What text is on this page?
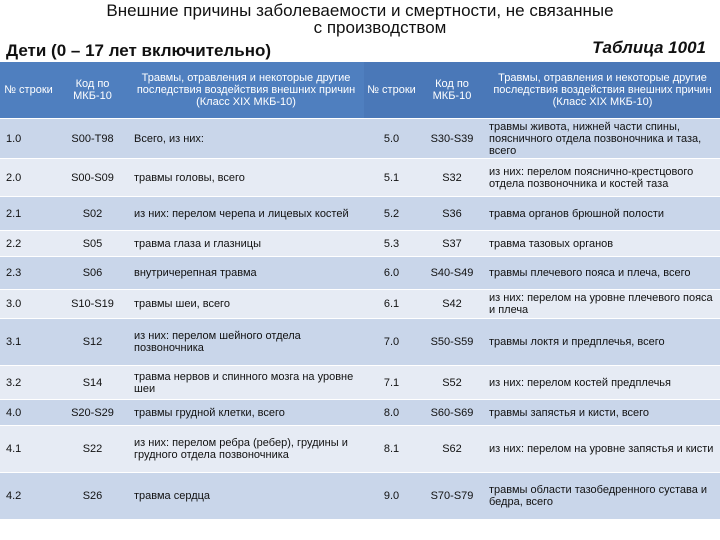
Внешние причины заболеваемости и смертности, не связанные
с производством
Дети (0 – 17 лет включительно)	Таблица 1001
№ строки	Код по МКБ-10	Травмы, отравления и некоторые другие последствия воздействия внешних причин (Класс XIX МКБ-10)	№ строки	Код по МКБ-10	Травмы, отравления и некоторые другие последствия воздействия внешних причин (Класс XIX МКБ-10)
1.0	S00-T98	Всего, из них:	5.0	S30-S39	травмы живота, нижней части спины, поясничного отдела позвоночника и таза, всего
2.0	S00-S09	травмы головы, всего	5.1	S32	из них: перелом пояснично-крестцового отдела позвоночника и костей таза
2.1	S02	из них: перелом черепа и лицевых костей	5.2	S36	травма органов брюшной полости
2.2	S05	травма глаза и глазницы	5.3	S37	травма тазовых органов
2.3	S06	внутричерепная травма	6.0	S40-S49	травмы плечевого пояса и плеча, всего
3.0	S10-S19	травмы шеи, всего	6.1	S42	из них: перелом на уровне плечевого пояса и плеча
3.1	S12	из них: перелом шейного отдела позвоночника	7.0	S50-S59	травмы локтя и предплечья, всего
3.2	S14	травма нервов и спинного мозга на уровне шеи	7.1	S52	из них: перелом костей предплечья
4.0	S20-S29	травмы грудной клетки, всего	8.0	S60-S69	травмы запястья и кисти, всего
4.1	S22	из них: перелом ребра (ребер), грудины и грудного отдела позвоночника	8.1	S62	из них: перелом на уровне запястья и кисти
4.2	S26	травма сердца	9.0	S70-S79	травмы области тазобедренного сустава и бедра, всего
